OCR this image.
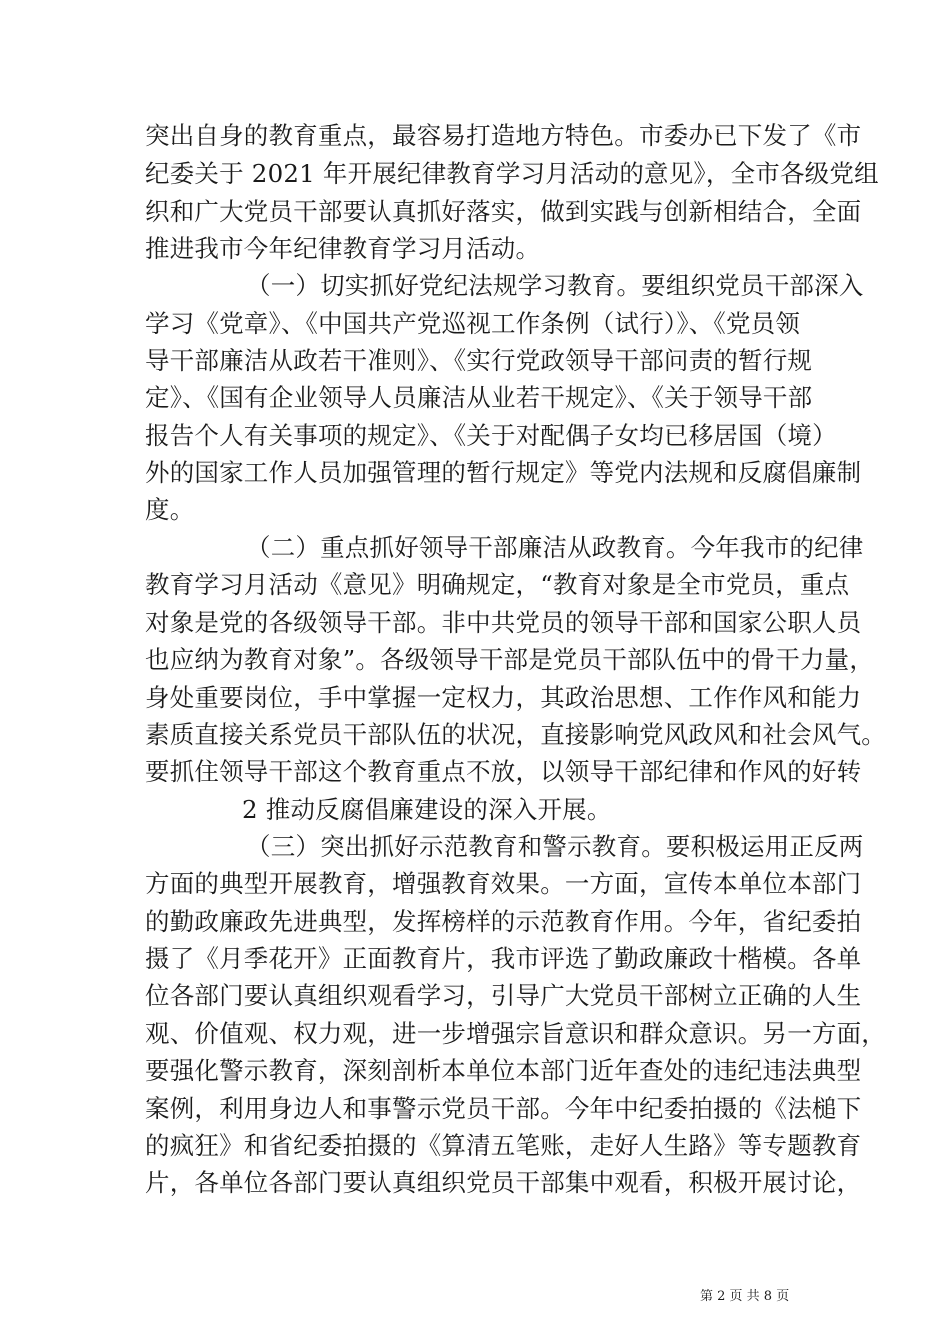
突出自身的教育重点，最容易打造地方特色。市委办已下发了《市
纪委关于 2021 年开展纪律教育学习月活动的意见》，全市各级党组
织和广大党员干部要认真抓好落实，做到实践与创新相结合，全面
推进我市今年纪律教育学习月活动。
（一）切实抓好党纪法规学习教育。要组织党员干部深入
学习《党章》、《中国共产党巡视工作条例（试行）》、《党员领
导干部廉洁从政若干准则》、《实行党政领导干部问责的暂行规
定》、《国有企业领导人员廉洁从业若干规定》、《关于领导干部
报告个人有关事项的规定》、《关于对配偶子女均已移居国（境）
外的国家工作人员加强管理的暂行规定》等党内法规和反腐倡廉制
度。
（二）重点抓好领导干部廉洁从政教育。今年我市的纪律
教育学习月活动《意见》明确规定，“教育对象是全市党员，重点
对象是党的各级领导干部。非中共党员的领导干部和国家公职人员
也应纳为教育对象”。各级领导干部是党员干部队伍中的骨干力量，
身处重要岗位，手中掌握一定权力，其政治思想、工作作风和能力
素质直接关系党员干部队伍的状况，直接影响党风政风和社会风气。
要抓住领导干部这个教育重点不放，以领导干部纪律和作风的好转
2 推动反腐倡廉建设的深入开展。
（三）突出抓好示范教育和警示教育。要积极运用正反两
方面的典型开展教育，增强教育效果。一方面，宣传本单位本部门
的勤政廉政先进典型，发挥榜样的示范教育作用。今年，省纪委拍
摄了《月季花开》正面教育片，我市评选了勤政廉政十楷模。各单
位各部门要认真组织观看学习，引导广大党员干部树立正确的人生
观、价值观、权力观，进一步增强宗旨意识和群众意识。另一方面，
要强化警示教育，深刻剖析本单位本部门近年查处的违纪违法典型
案例，利用身边人和事警示党员干部。今年中纪委拍摄的《法槌下
的疯狂》和省纪委拍摄的《算清五笔账，走好人生路》等专题教育
片，各单位各部门要认真组织党员干部集中观看，积极开展讨论，
第 2 页 共 8 页
